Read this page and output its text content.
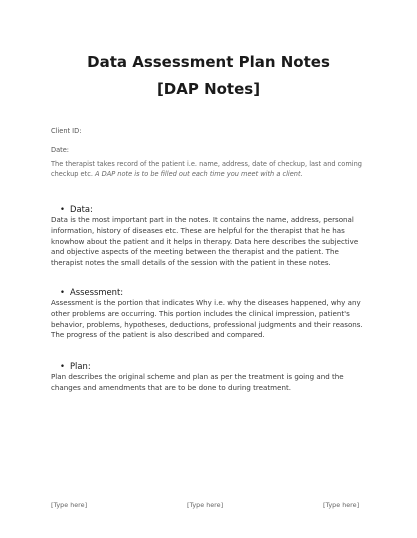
Data Assessment Plan Notes
[DAP Notes]

Client ID:

Date:

The therapist takes record of the patient i.e. name, address, date of checkup, last and coming checkup etc. A DAP note is to be filled out each time you meet with a client.

• Data:

Data is the most important part in the notes. It contains the name, address, personal information, history of diseases etc. These are helpful for the therapist that he has knowhow about the patient and it helps in therapy. Data here describes the subjective and objective aspects of the meeting between the therapist and the patient. The therapist notes the small details of the session with the patient in these notes.

• Assessment:

Assessment is the portion that indicates Why i.e. why the diseases happened, why any other problems are occurring. This portion includes the clinical impression, patient's behavior, problems, hypotheses, deductions, professional judgments and their reasons. The progress of the patient is also described and compared.

• Plan:

Plan describes the original scheme and plan as per the treatment is going and the changes and amendments that are to be done to during treatment.

[Type here]	[Type here]	[Type here]
